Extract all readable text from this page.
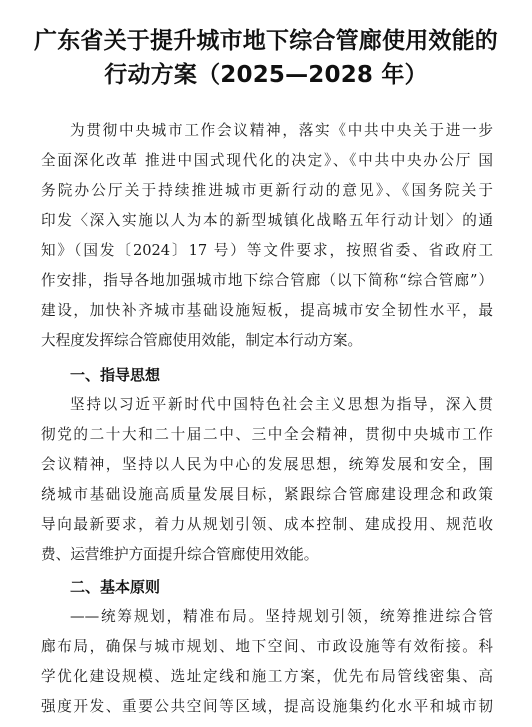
广东省关于提升城市地下综合管廊使用效能的
行动方案（2025—2028 年）
为贯彻中央城市工作会议精神，落实《中共中央关于进一步
全面深化改革 推进中国式现代化的决定》、《中共中央办公厅 国
务院办公厅关于持续推进城市更新行动的意见》、《国务院关于
印发〈深入实施以人为本的新型城镇化战略五年行动计划〉的通
知》（国发〔2024〕17 号）等文件要求，按照省委、省政府工
作安排，指导各地加强城市地下综合管廊（以下简称“综合管廊”）
建设，加快补齐城市基础设施短板，提高城市安全韧性水平，最
大程度发挥综合管廊使用效能，制定本行动方案。
一、指导思想
坚持以习近平新时代中国特色社会主义思想为指导，深入贯
彻党的二十大和二十届二中、三中全会精神，贯彻中央城市工作
会议精神，坚持以人民为中心的发展思想，统筹发展和安全，围
绕城市基础设施高质量发展目标，紧跟综合管廊建设理念和政策
导向最新要求，着力从规划引领、成本控制、建成投用、规范收
费、运营维护方面提升综合管廊使用效能。
二、基本原则
——统筹规划，精准布局。坚持规划引领，统筹推进综合管
廊布局，确保与城市规划、地下空间、市政设施等有效衔接。科
学优化建设规模、选址定线和施工方案，优先布局管线密集、高
强度开发、重要公共空间等区域，提高设施集约化水平和城市韧
